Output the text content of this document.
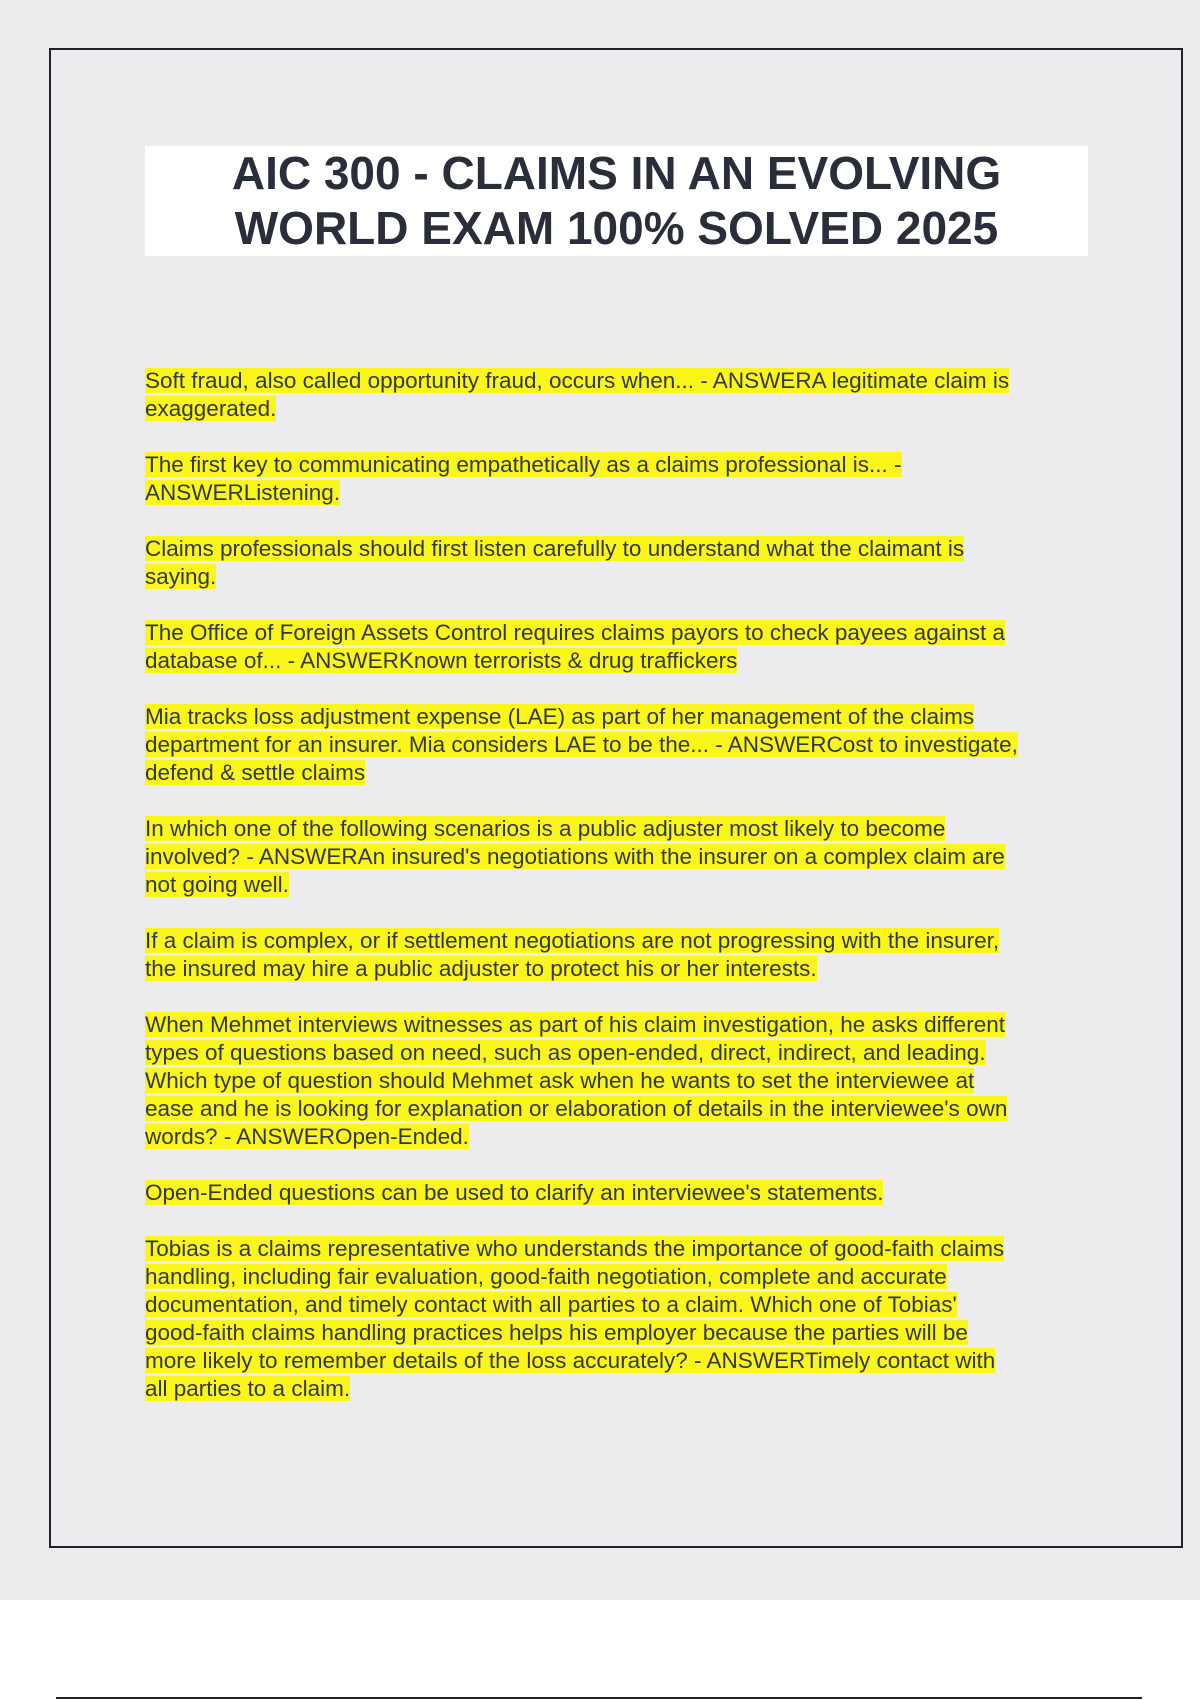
AIC 300 - CLAIMS IN AN EVOLVING
WORLD EXAM 100% SOLVED 2025

Soft fraud, also called opportunity fraud, occurs when... - ANSWERA legitimate claim is
exaggerated.

The first key to communicating empathetically as a claims professional is... -
ANSWERListening.

Claims professionals should first listen carefully to understand what the claimant is
saying.

The Office of Foreign Assets Control requires claims payors to check payees against a
database of... - ANSWERKnown terrorists & drug traffickers

Mia tracks loss adjustment expense (LAE) as part of her management of the claims
department for an insurer. Mia considers LAE to be the... - ANSWERCost to investigate,
defend & settle claims

In which one of the following scenarios is a public adjuster most likely to become
involved? - ANSWERAn insured's negotiations with the insurer on a complex claim are
not going well.

If a claim is complex, or if settlement negotiations are not progressing with the insurer,
the insured may hire a public adjuster to protect his or her interests.

When Mehmet interviews witnesses as part of his claim investigation, he asks different
types of questions based on need, such as open-ended, direct, indirect, and leading.
Which type of question should Mehmet ask when he wants to set the interviewee at
ease and he is looking for explanation or elaboration of details in the interviewee's own
words? - ANSWEROpen-Ended.

Open-Ended questions can be used to clarify an interviewee's statements.

Tobias is a claims representative who understands the importance of good-faith claims
handling, including fair evaluation, good-faith negotiation, complete and accurate
documentation, and timely contact with all parties to a claim. Which one of Tobias'
good-faith claims handling practices helps his employer because the parties will be
more likely to remember details of the loss accurately? - ANSWERTimely contact with
all parties to a claim.
